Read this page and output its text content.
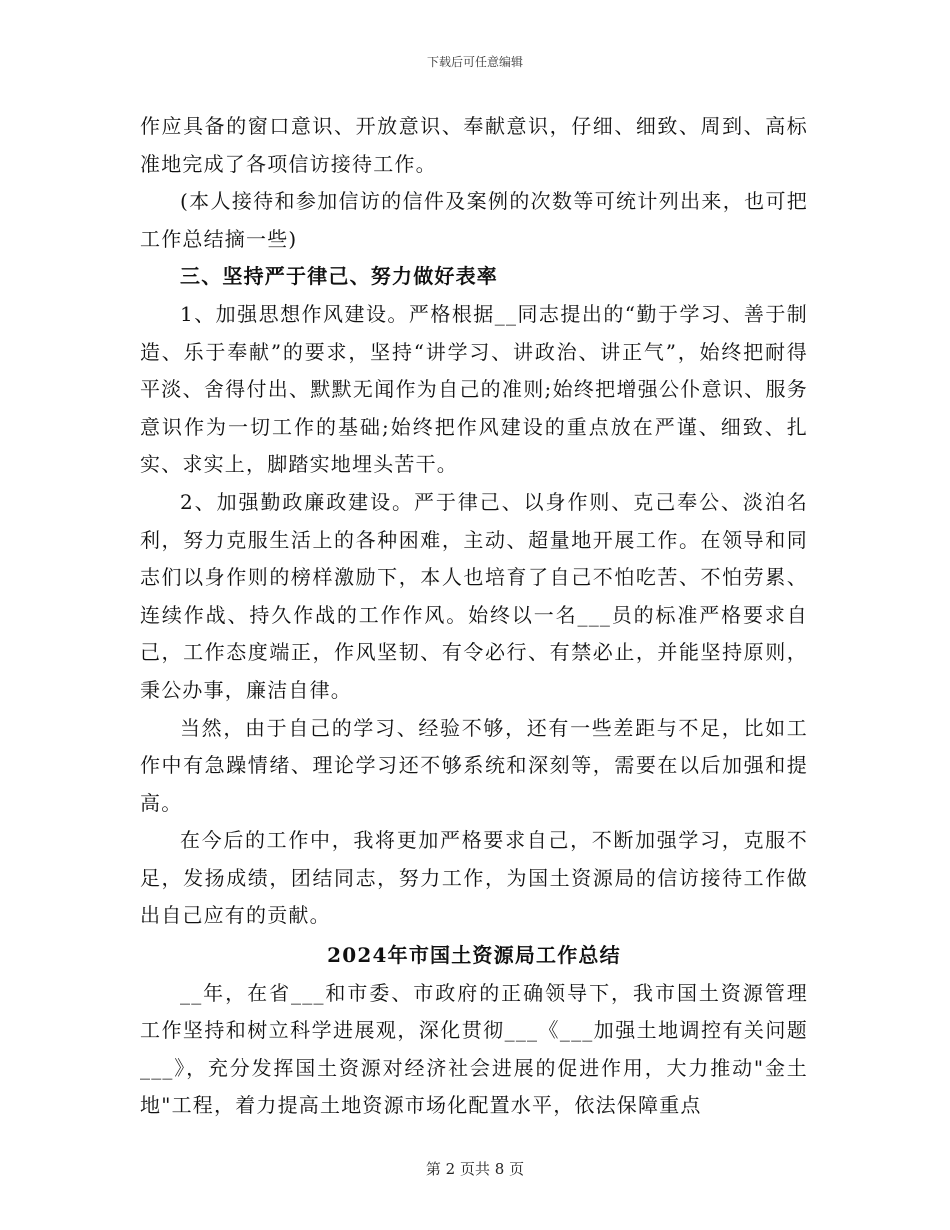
下载后可任意编辑

作应具备的窗口意识、开放意识、奉献意识，仔细、细致、周到、高标准地完成了各项信访接待工作。

(本人接待和参加信访的信件及案例的次数等可统计列出来，也可把工作总结摘一些)

三、坚持严于律己、努力做好表率

1、加强思想作风建设。严格根据__同志提出的“勤于学习、善于制造、乐于奉献”的要求，坚持“讲学习、讲政治、讲正气”，始终把耐得平淡、舍得付出、默默无闻作为自己的准则;始终把增强公仆意识、服务意识作为一切工作的基础;始终把作风建设的重点放在严谨、细致、扎实、求实上，脚踏实地埋头苦干。

2、加强勤政廉政建设。严于律己、以身作则、克己奉公、淡泊名利，努力克服生活上的各种困难，主动、超量地开展工作。在领导和同志们以身作则的榜样激励下，本人也培育了自己不怕吃苦、不怕劳累、连续作战、持久作战的工作作风。始终以一名___员的标准严格要求自己，工作态度端正，作风坚韧、有令必行、有禁必止，并能坚持原则，秉公办事，廉洁自律。

当然，由于自己的学习、经验不够，还有一些差距与不足，比如工作中有急躁情绪、理论学习还不够系统和深刻等，需要在以后加强和提高。

在今后的工作中，我将更加严格要求自己，不断加强学习，克服不足，发扬成绩，团结同志，努力工作，为国土资源局的信访接待工作做出自己应有的贡献。

2024年市国土资源局工作总结

__年，在省___和市委、市政府的正确领导下，我市国土资源管理工作坚持和树立科学进展观，深化贯彻___《___加强土地调控有关问题___》，充分发挥国土资源对经济社会进展的促进作用，大力推动"金土地"工程，着力提高土地资源市场化配置水平，依法保障重点

第 2 页共 8 页
